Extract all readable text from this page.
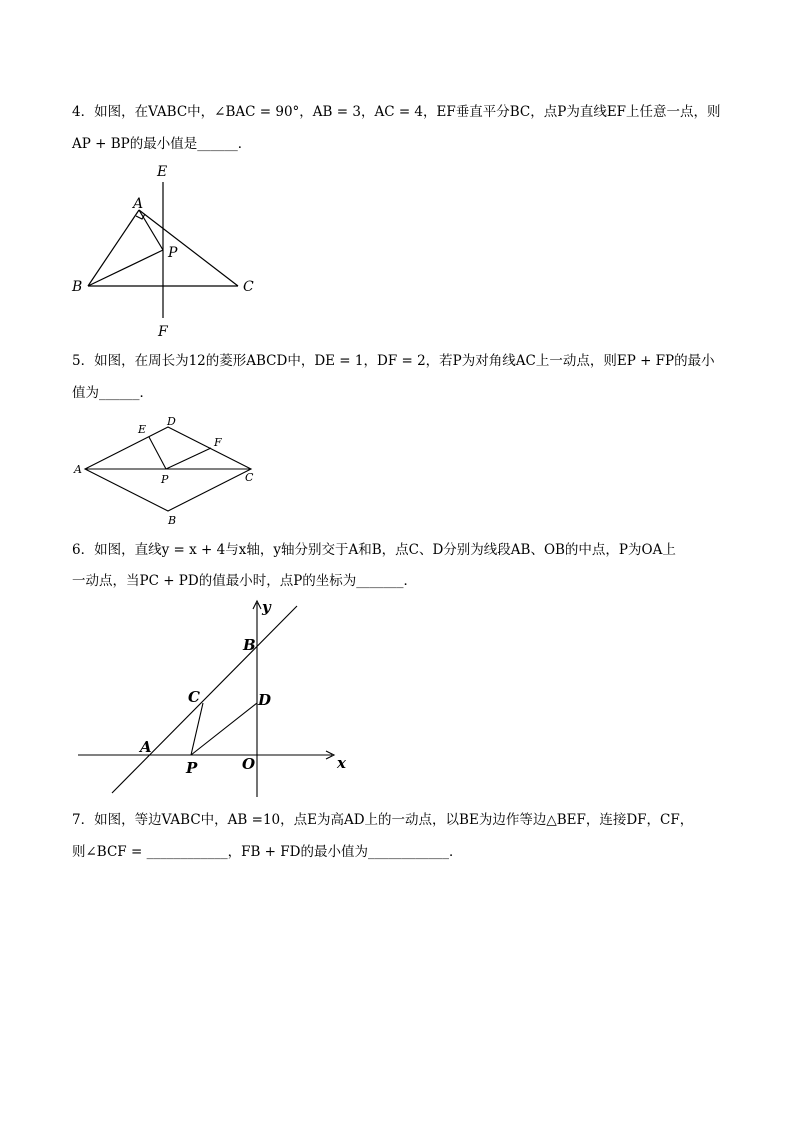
4．如图，在VABC中，∠BAC = 90°，AB = 3，AC = 4，EF垂直平分BC，点P为直线EF上任意一点，则
AP + BP的最小值是______．
E
A
P
B	C
F
5．如图，在周长为12的菱形ABCD中，DE = 1，DF = 2，若P为对角线AC上一动点，则EP + FP的最小
值为______．
A
E
D
F
P	C
B
6．如图，直线y = x + 4与x轴，y轴分别交于A和B，点C、D分别为线段AB、OB的中点，P为OA上
一动点，当PC + PD的值最小时，点P的坐标为_______．
y
B
C	D
A
P	O	x
7．如图，等边VABC中，AB =10，点E为高AD上的一动点，以BE为边作等边△BEF，连接DF，CF，
则∠BCF = ____________，FB + FD的最小值为____________．
